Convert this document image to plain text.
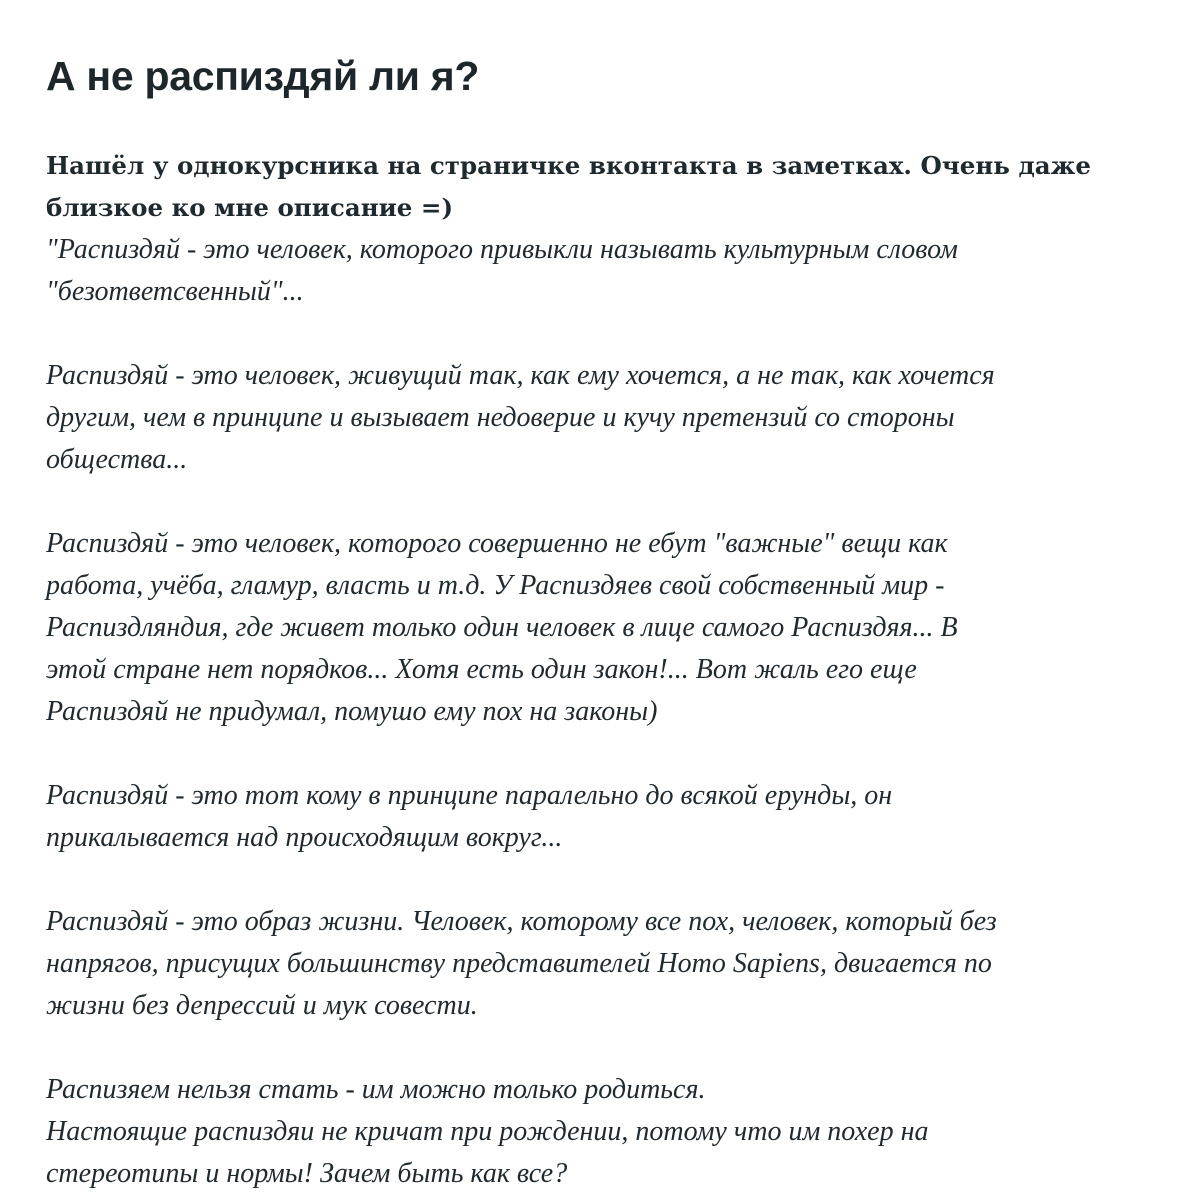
А не распиздяй ли я?
Нашёл у однокурсника на страничке вконтакта в заметках. Очень даже
близкое ко мне описание =)
"Распиздяй - это человек, которого привыкли называть культурным словом
"безответсвенный"...
Распиздяй - это человек, живущий так, как ему хочется, а не так, как хочется
другим, чем в принципе и вызывает недоверие и кучу претензий со стороны
общества...
Распиздяй - это человек, которого совершенно не ебут "важные" вещи как
работа, учёба, гламур, власть и т.д. У Распиздяев свой собственный мир -
Распиздляндия, где живет только один человек в лице самого Распиздяя... В
этой стране нет порядков... Хотя есть один закон!... Вот жаль его еще
Распиздяй не придумал, помушо ему пох на законы)
Распиздяй - это тот кому в принципе паралельно до всякой ерунды, он
прикалывается над происходящим вокруг...
Распиздяй - это образ жизни. Человек, которому все пох, человек, который без
напрягов, присущих большинству представителей Homo Sapiens, двигается по
жизни без депрессий и мук совести.
Распизяем нельзя стать - им можно только родиться.
Настоящие распиздяи не кричат при рождении, потому что им похер на
стереотипы и нормы! Зачем быть как все?
